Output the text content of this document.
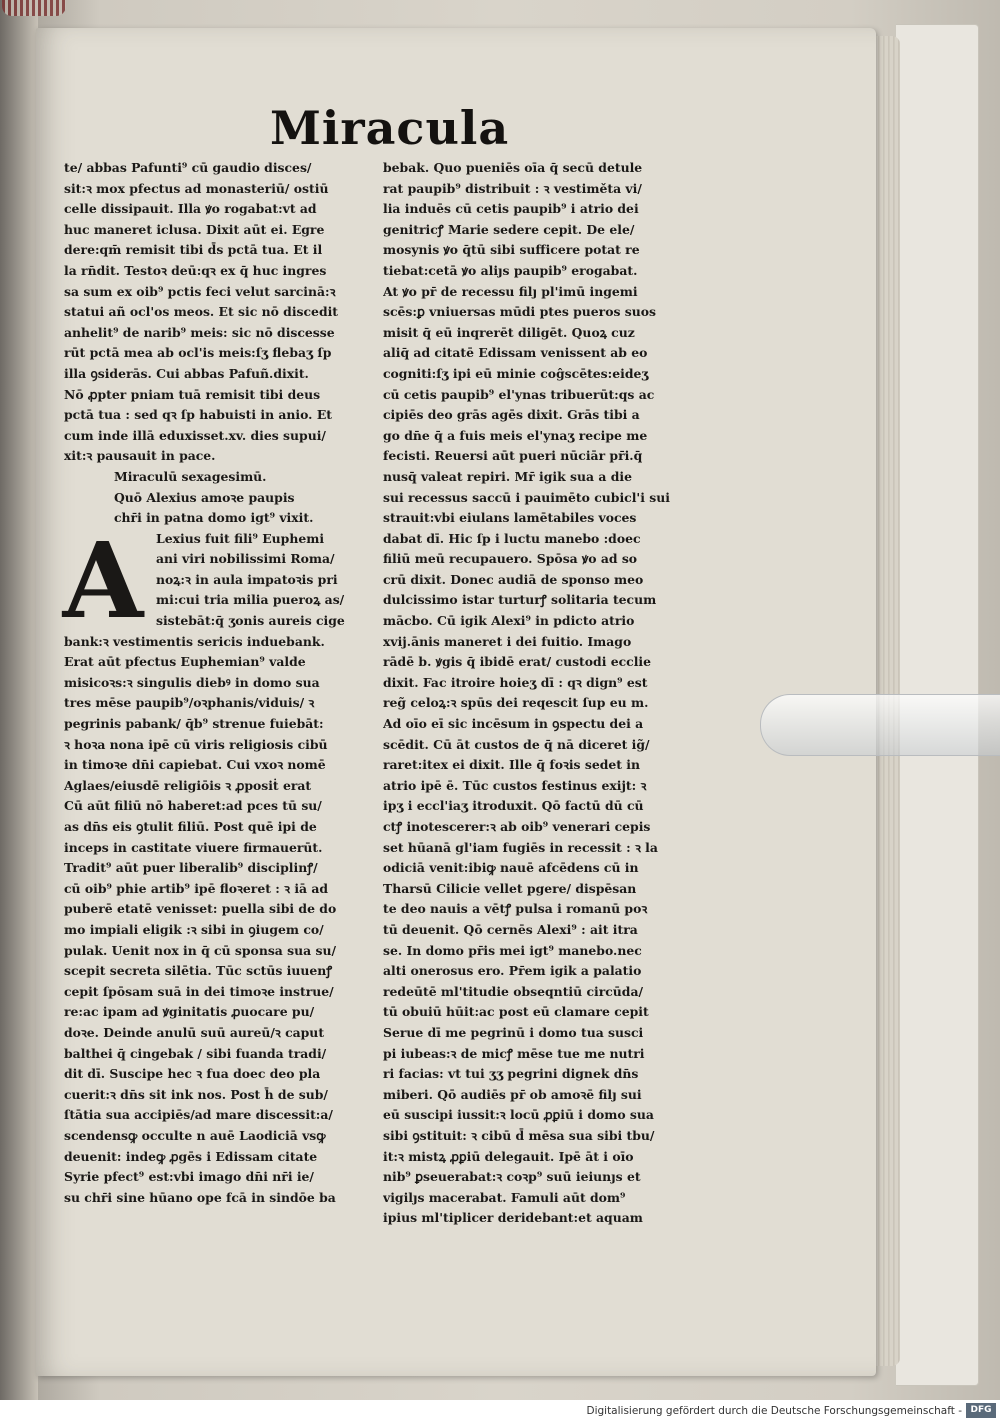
Miracula
te/ abbas Pafunti⁹ cū gaudio disces/
sit:ꝛ mox pfectus ad monasteriū/ ostiū
celle dissipauit. Illa ꝟo rogabat:vt ad
huc maneret iclusa. Dixit aūt ei. Egre
dere:qm̄ remisit tibi d̄s pctā tua. Et il
la rn̄dit. Testoꝛ deū:qꝛ ex q̄ huc ingres
sa sum ex oib⁹ pctis feci velut sarcinā:ꝛ
statui añ ocl'os meos. Et sic nō discedit
anhelit⁹ de narib⁹ meis: sic nō discesse
rūt pctā mea ab ocl'is meis:ſʒ flebaʒ ſp
illa ꝯsiderās. Cui abbas Pafuñ.dixit.
Nō ꝓpter pniam tuā remisit tibi deus
pctā tua : sed qꝛ ſp habuisti in anio. Et
cum inde illā eduxisset.xv. dies supui/
xit:ꝛ pausauit in pace.
Miraculū sexagesimū.
Quō Alexius amoꝛe paupis
chr̄i in patna domo igt⁹ vixit.
A	Lexius fuit fili⁹ Euphemi
ani viri nobilissimi Roma/
noꝝ:ꝛ in aula impatoꝛis pri
mi:cui tria milia pueroꝝ as/
sistebāt:q̄ ʒonis aureis cige
bank:ꝛ vestimentis sericis induebank.
Erat aūt pfectus Euphemian⁹ valde
misicoꝛs:ꝛ singulis diebꝰ in domo sua
tres mēse paupib⁹/oꝛphanis/viduis/ ꝛ
pegrinis pabank/ q̄b⁹ strenue fuiebāt:
ꝛ hoꝛa nona ipē cū viris religiosis cibū
in timoꝛe dn̄i capiebat. Cui vxoꝛ nomē
Aglaes/eiusdē religiōis ꝛ ꝓposiṫ erat
Cū aūt filiū nō haberet:ad pces tū su/
as dn̄s eis ꝯtulit filiū. Post quē ipi de
inceps in castitate viuere firmauerūt.
Tradit⁹ aūt puer liberalib⁹ disciplinꝭ/
cū oib⁹ phie artib⁹ ipē floꝛeret : ꝛ iā ad
puberē etatē venisset: puella sibi de do
mo impiali eligik :ꝛ sibi in ꝯiugem co/
pulak. Uenit nox in q̄ cū sponsa sua su/
scepit secreta silētia. Tūc sctūs iuuenꝭ
cepit ſpōsam suā in dei timoꝛe instrue/
re:ac ipam ad ꝟginitatis ꝓuocare pu/
doꝛe. Deinde anulū suū aureū/ꝛ caput
balthei q̄ cingebak / sibi fuanda tradi/
dit dī. Suscipe hec ꝛ fua doec deo pla
cuerit:ꝛ dn̄s sit ink nos. Post h̄ de sub/
ſtātia sua accipiēs/ad mare discessit:a/
scendensꝙ occulte n auē Laodiciā vsꝙ
deuenit: indeꝙ ꝓgēs i Edissam citate
Syrie pfect⁹ est:vbi imago dn̄i nr̄i ie/
su chr̄i sine hūano ope fcā in sindōe ba
bebak. Quo pueniēs oīa q̄ secū detule
rat paupib⁹ distribuit : ꝛ vestiměta vi/
lia induēs cū cetis paupib⁹ i atrio dei
genitricꝭ Marie sedere cepit. De ele/
mosynis ꝟo q̄tū sibi sufficere potat re
tiebat:cetā ꝟo aliȷs paupib⁹ erogabat.
At ꝟo pr̄ de recessu filȷ pl'imū ingemi
scēs:ꝑ vniuersas mūdi ptes pueros suos
misit q̄ eū inqrerēt diligēt. Quoꝝ cuz
aliq̄ ad citatē Edissam venissent ab eo
cogniti:ſʒ ipi eū minie coĝscētes:eideʒ
cū cetis paupib⁹ el'ynas tribuerūt:qs ac
cipiēs deo grās agēs dixit. Grās tibi a
go dn̄e q̄ a fuis meis el'ynaʒ recipe me
fecisti. Reuersi aūt pueri nūciār pr̄i.q̄
nusq̄ valeat repiri. Mr̄ igik sua a die
sui recessus saccū i pauimēto cubicl'i sui
strauit:vbi eiulans lamētabiles voces
dabat dī. Hic ſp i luctu manebo :doec
filiū meū recupauero. Spōsa ꝟo ad so
crū dixit. Donec audiā de sponso meo
dulcissimo istar turturꝭ solitaria tecum
mācbo. Cū igik Alexi⁹ in pdicto atrio
xvij.ānis maneret i dei fuitio. Imago
rādē b. ꝟgis q̄ ibidē erat/ custodi ecclie
dixit. Fac itroire hoieʒ dī : qꝛ dign⁹ est
reg̃ celoꝝ:ꝛ spūs dei reqescit ſup eu m.
Ad oīo eī sic incēsum in ꝯspectu dei a
scēdit. Cū āt custos de q̄ nā diceret ig̃/
raret:itex ei dixit. Ille q̄ foꝛis sedet in
atrio ipē ē. Tūc custos festinus exijt: ꝛ
ipʒ i eccl'iaʒ itroduxit. Qō factū dū cū
ctꝭ inotescerer:ꝛ ab oib⁹ venerari cepis
set hūanā gl'iam fugiēs in recessit : ꝛ la
odiciā venit:ibiꝙ nauē afcēdens cū in
Tharsū Cilicie vellet pgere/ dispēsan
te deo nauis a vētꝭ pulsa i romanū poꝛ
tū deuenit. Qō cernēs Alexi⁹ : ait itra
se. In domo pr̄is mei igt⁹ manebo.nec
alti onerosus ero. Pr̄em igik a palatio
redeūtē ml'titudie obseqntiū circūda/
tū obuiū hūit:ac post eū clamare cepit
Serue dī me pegrinū i domo tua susci
pi iubeas:ꝛ de micꝭ mēse tue me nutri
ri facias: vt tui ʒʒ pegrini dignek dn̄s
miberi. Qō audiēs pr̄ ob amoꝛē filȷ sui
eū suscipi iussit:ꝛ locū ꝓꝑiū i domo sua
sibi ꝯstituit: ꝛ cibū d̄ mēsa sua sibi tbu/
it:ꝛ mistꝝ ꝓꝑiū delegauit. Ipē āt i oīo
nib⁹ ꝑseuerabat:ꝛ coꝛp⁹ suū ieiunȷs et
vigilȷs macerabat. Famuli aūt dom⁹
ipius ml'tiplicer deridebant:et aquam
Digitalisierung gefördert durch die Deutsche Forschungsgemeinschaft - DFG
